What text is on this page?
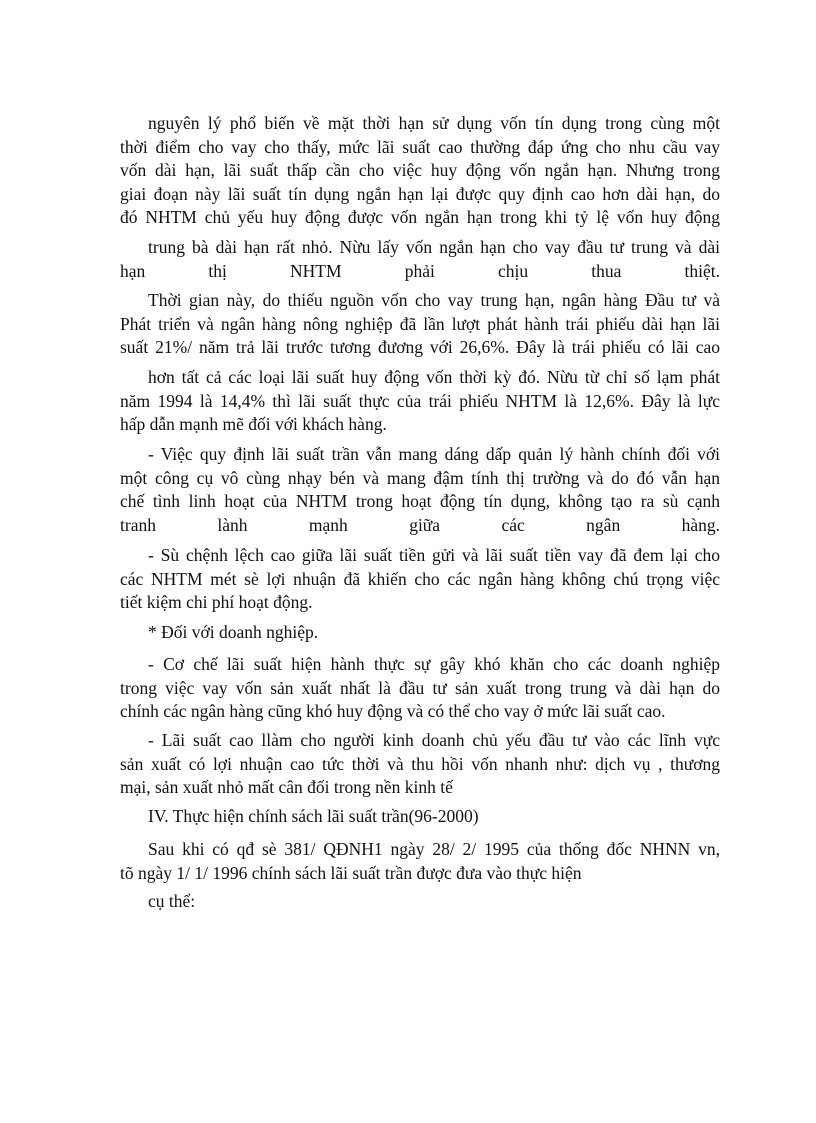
nguyên lý phổ biến về mặt thời hạn sử dụng vốn tín dụng trong cùng một
thời điểm cho vay cho thấy, mức lãi suất cao thường đáp ứng cho nhu cầu vay
vốn dài hạn, lãi suất thấp cần cho việc huy động vốn ngắn hạn. Nhưng trong
giai đoạn này lãi suất tín dụng ngắn hạn lại được quy định cao hơn dài hạn, do
đó NHTM chủ yếu huy động được vốn ngắn hạn trong khi tỷ lệ vốn huy động
trung bà dài hạn rất nhỏ. Nừu lấy vốn ngắn hạn cho vay đầu tư trung và dài
hạn thị NHTM phải chịu thua thiệt.
Thời gian này, do thiếu nguồn vốn cho vay trung hạn, ngân hàng Đầu tư và
Phát triển và ngân hàng nông nghiệp đã lần lượt phát hành trái phiếu dài hạn lãi
suất 21%/ năm trả lãi trước tương đương với 26,6%. Đây là trái phiếu có lãi cao
hơn tất cả các loại lãi suất huy động vốn thời kỳ đó. Nừu từ chỉ số lạm phát
năm 1994 là 14,4% thì lãi suất thực của trái phiếu NHTM là 12,6%. Đây là lực
hấp dẫn mạnh mẽ đối với khách hàng.
- Việc quy định lãi suất trần vẫn mang dáng dấp quản lý hành chính đối với
một công cụ vô cùng nhạy bén và mang đậm tính thị trường và do đó vẫn hạn
chế tình linh hoạt của NHTM trong hoạt động tín dụng, không tạo ra sù cạnh
tranh lành mạnh giữa các ngân hàng.
- Sù chệnh lệch cao giữa lãi suất tiền gửi và lãi suất tiền vay đã đem lại cho
các NHTM mét sè lợi nhuận đã khiến cho các ngân hàng không chú trọng việc
tiết kiệm chi phí hoạt động.
* Đối với doanh nghiệp.
- Cơ chế lãi suất hiện hành thực sự gây khó khăn cho các doanh nghiệp
trong việc vay vốn sản xuất nhất là đầu tư sản xuất trong trung và dài hạn do
chính các ngân hàng cũng khó huy động và có thể cho vay ở mức lãi suất cao.
- Lãi suất cao llàm cho người kinh doanh chủ yếu đầu tư vào các lĩnh vực
sản xuất có lợi nhuận cao tức thời và thu hồi vốn nhanh như: dịch vụ , thương
mại, sản xuất nhỏ mất cân đối trong nền kinh tế
IV. Thực hiện chính sách lãi suất trần(96-2000)
Sau khi có qđ sè 381/ QĐNH1 ngày 28/ 2/ 1995 của thống đốc NHNN vn,
tõ ngày 1/ 1/ 1996 chính sách lãi suất trần được đưa vào thực hiện
cụ thể:
